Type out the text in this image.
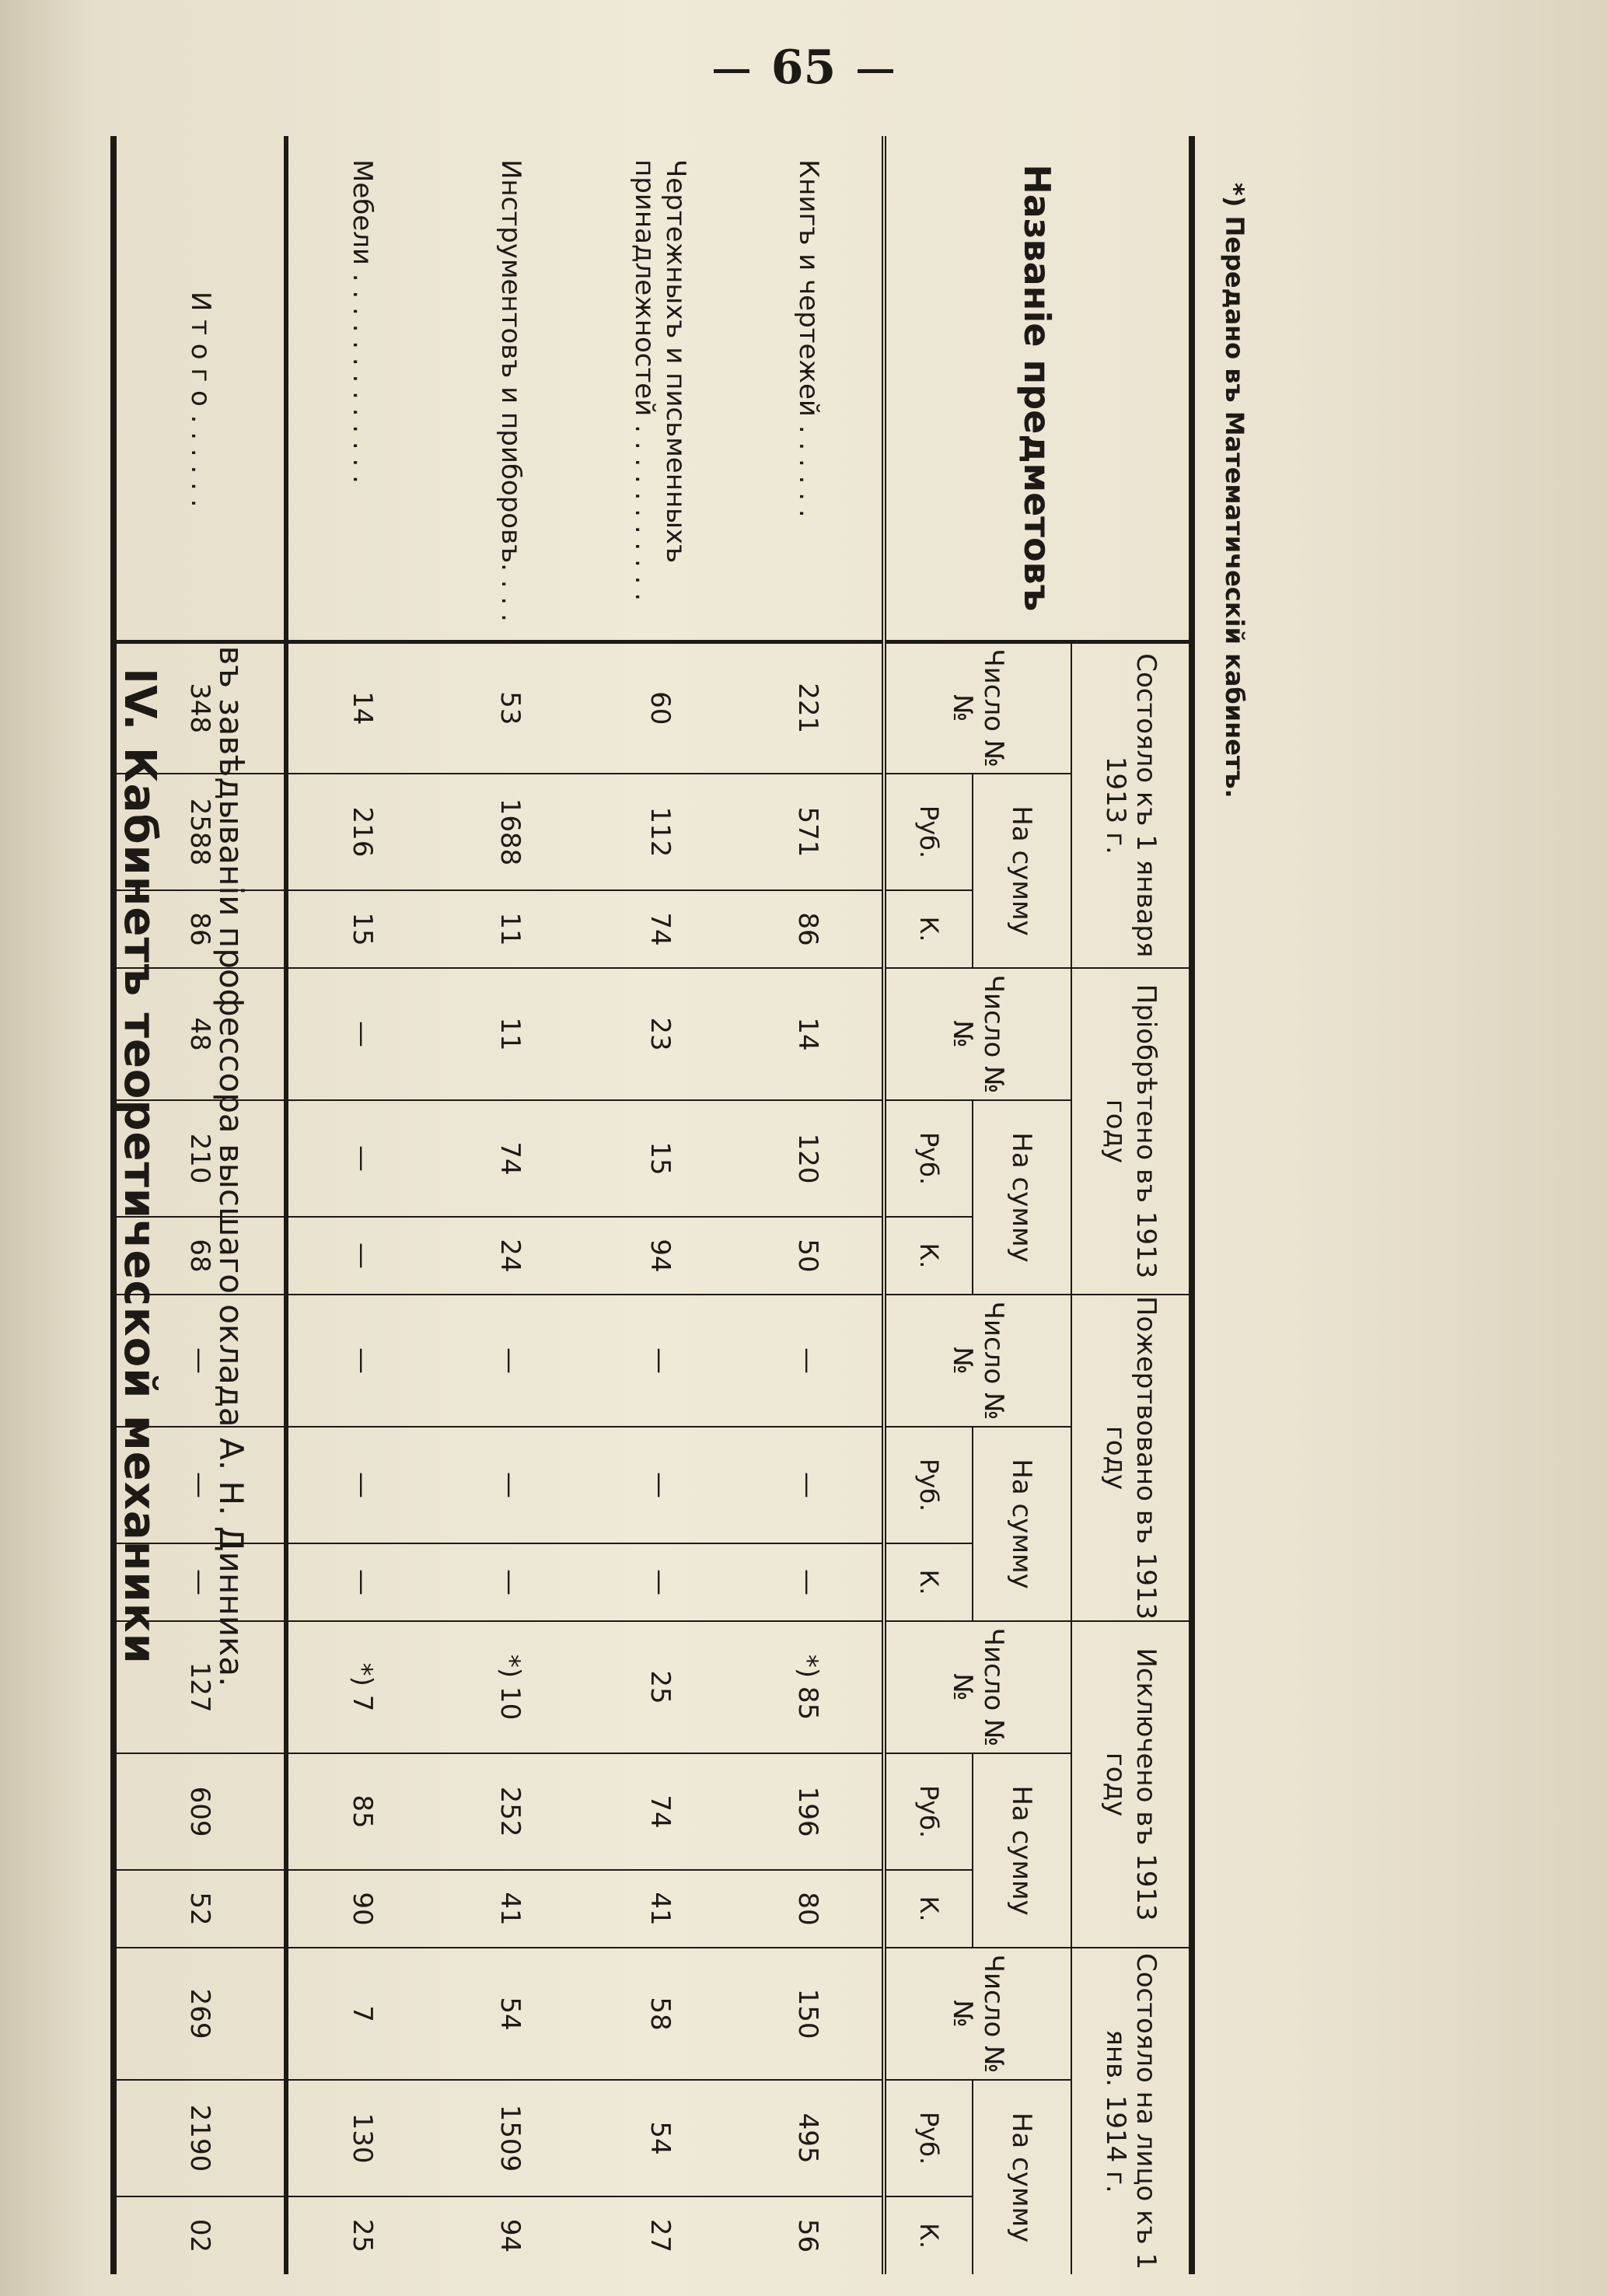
65
IV. Кабинетъ теоретической механики въ завѣдываніи профессора высшаго оклада А. Н. Динника.
Названіе предметовъ	Состояло къ 1 января 1913 г.			Пріобрѣтено въ 1913 году			Пожертвовано въ 1913 году			Исключено въ 1913 году			Состояло на лицо къ 1 янв. 1914 г.		
	Число №№	На сумму		Число №№	На сумму		Число №№	На сумму		Число №№	На сумму		Число №№	На сумму	
		Руб.	К.		Руб.	К.		Руб.	К.		Руб.	К.		Руб.	К.
Книгъ и чертежей . . . . . .	221	571	86	14	120	50	—	—	—	*) 85	196	80	150	495	56
Чертежныхъ и письменныхъ принадлежностей . . . . . . . . . . .	60	112	74	23	15	94	—	—	—	25	74	41	58	54	27
Инструментовъ и приборовъ. . . .	53	1688	11	11	74	24	—	—	—	*) 10	252	41	54	1509	94
Мебели . . . . . . . . . . . . .	14	216	15	—	—	—	—	—	—	*) 7	85	90	7	130	25
И т о г о . . . . . .	348	2588	86	48	210	68	—	—	—	127	609	52	269	2190	02
*) Передано въ Математическій кабинетъ.
